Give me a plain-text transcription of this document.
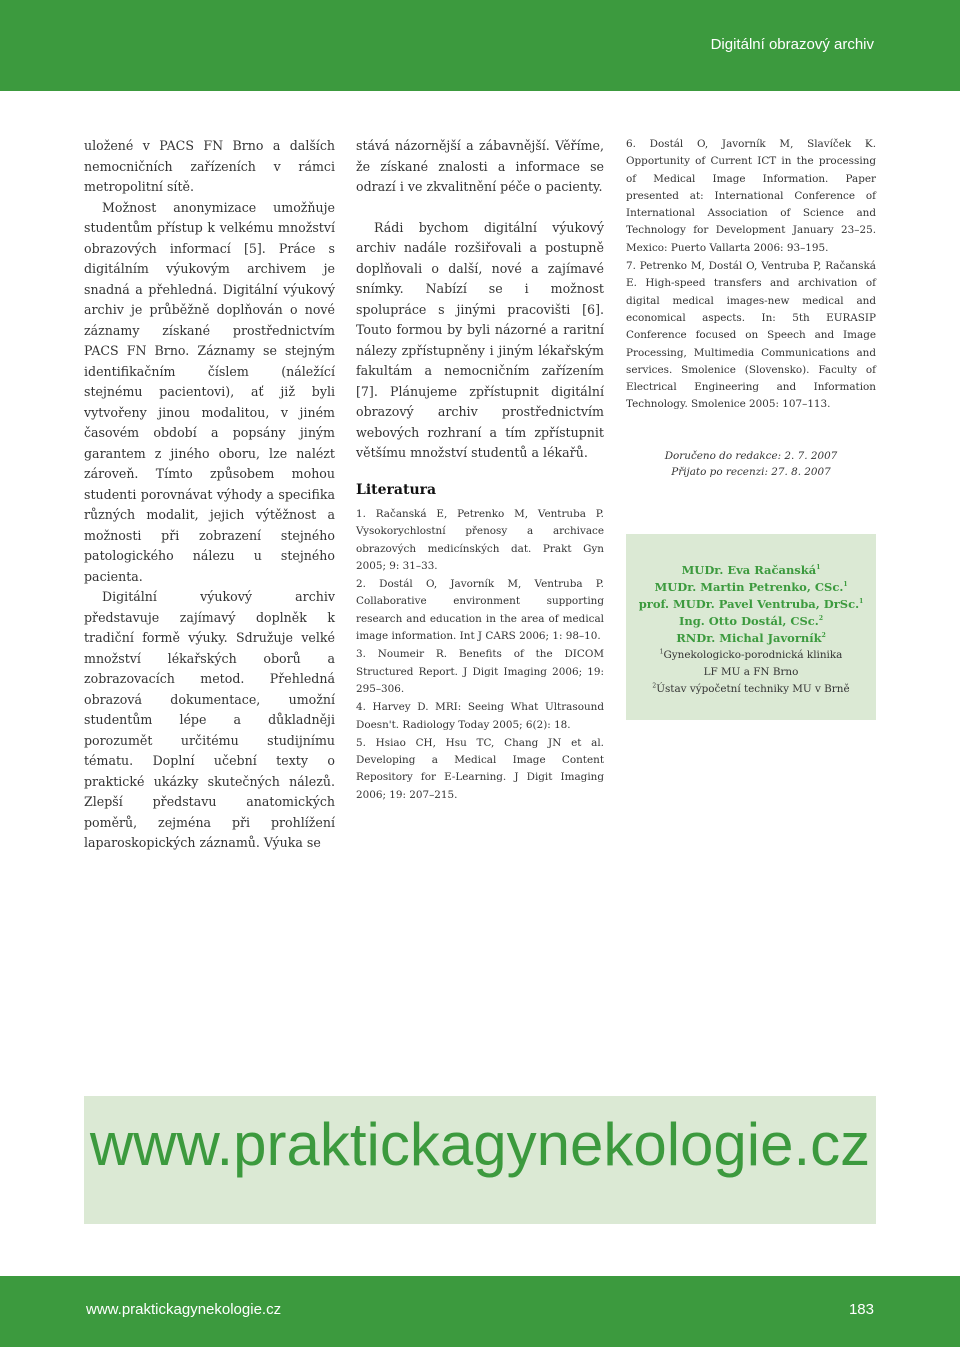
Digitální obrazový archiv

uložené v PACS FN Brno a dalších nemocničních zařízeních v rámci metropolitní sítě.

Možnost anonymizace umožňuje studentům přístup k velkému množství obrazových informací [5]. Práce s digitálním výukovým archivem je snadná a přehledná. Digitální výukový archiv je průběžně doplňován o nové záznamy získané prostřednictvím PACS FN Brno. Záznamy se stejným identifikačním číslem (náležící stejnému pacientovi), ať již byli vytvořeny jinou modalitou, v jiném časovém období a popsány jiným garantem z jiného oboru, lze nalézt zároveň. Tímto způsobem mohou studenti porovnávat výhody a specifika různých modalit, jejich výtěžnost a možnosti při zobrazení stejného patologického nálezu u stejného pacienta.

Digitální výukový archiv představuje zajímavý doplněk k tradiční formě výuky. Sdružuje velké množství lékařských oborů a zobrazovacích metod. Přehledná obrazová dokumentace, umožní studentům lépe a důkladněji porozumět určitému studijnímu tématu. Doplní učební texty o praktické ukázky skutečných nálezů. Zlepší představu anatomických poměrů, zejména při prohlížení laparoskopických záznamů. Výuka se

stává názornější a zábavnější. Věříme, že získané znalosti a informace se odrazí i ve zkvalitnění péče o pacienty.

Rádi bychom digitální výukový archiv nadále rozšiřovali a postupně doplňovali o další, nové a zajímavé snímky. Nabízí se i možnost spolupráce s jinými pracovišti [6]. Touto formou by byli názorné a raritní nálezy zpřístupněny i jiným lékařským fakultám a nemocničním zařízením [7]. Plánujeme zpřístupnit digitální obrazový archiv prostřednictvím webových rozhraní a tím zpřístupnit většímu množství studentů a lékařů.

Literatura
1. Račanská E, Petrenko M, Ventruba P. Vysokorychlostní přenosy a archivace obrazových medicínských dat. Prakt Gyn 2005; 9: 31–33.
2. Dostál O, Javorník M, Ventruba P. Collaborative environment supporting research and education in the area of medical image information. Int J CARS 2006; 1: 98–10.
3. Noumeir R. Benefits of the DICOM Structured Report. J Digit Imaging 2006; 19: 295–306.
4. Harvey D. MRI: Seeing What Ultrasound Doesn't. Radiology Today 2005; 6(2): 18.
5. Hsiao CH, Hsu TC, Chang JN et al. Developing a Medical Image Content Repository for E-Learning. J Digit Imaging 2006; 19: 207–215.
6. Dostál O, Javorník M, Slavíček K. Opportunity of Current ICT in the processing of Medical Image Information. Paper presented at: International Conference of International Association of Science and Technology for Development January 23–25. Mexico: Puerto Vallarta 2006: 93–195.
7. Petrenko M, Dostál O, Ventruba P, Račanská E. High-speed transfers and archivation of digital medical images-new medical and economical aspects. In: 5th EURASIP Conference focused on Speech and Image Processing, Multimedia Communications and services. Smolenice (Slovensko). Faculty of Electrical Engineering and Information Technology. Smolenice 2005: 107–113.
Doručeno do redakce: 2. 7. 2007
Přijato po recenzi: 27. 8. 2007
MUDr. Eva Račanská$^1$
MUDr. Martin Petrenko, CSc.$^1$
prof. MUDr. Pavel Ventruba, DrSc.$^1$
Ing. Otto Dostál, CSc.$^2$
RNDr. Michal Javorník$^2$
$^1$Gynekologicko-porodnická klinika
LF MU a FN Brno
$^2$Ústav výpočetní techniky MU v Brně
www.praktickagynekologie.cz
www.praktickagynekologie.cz	183
